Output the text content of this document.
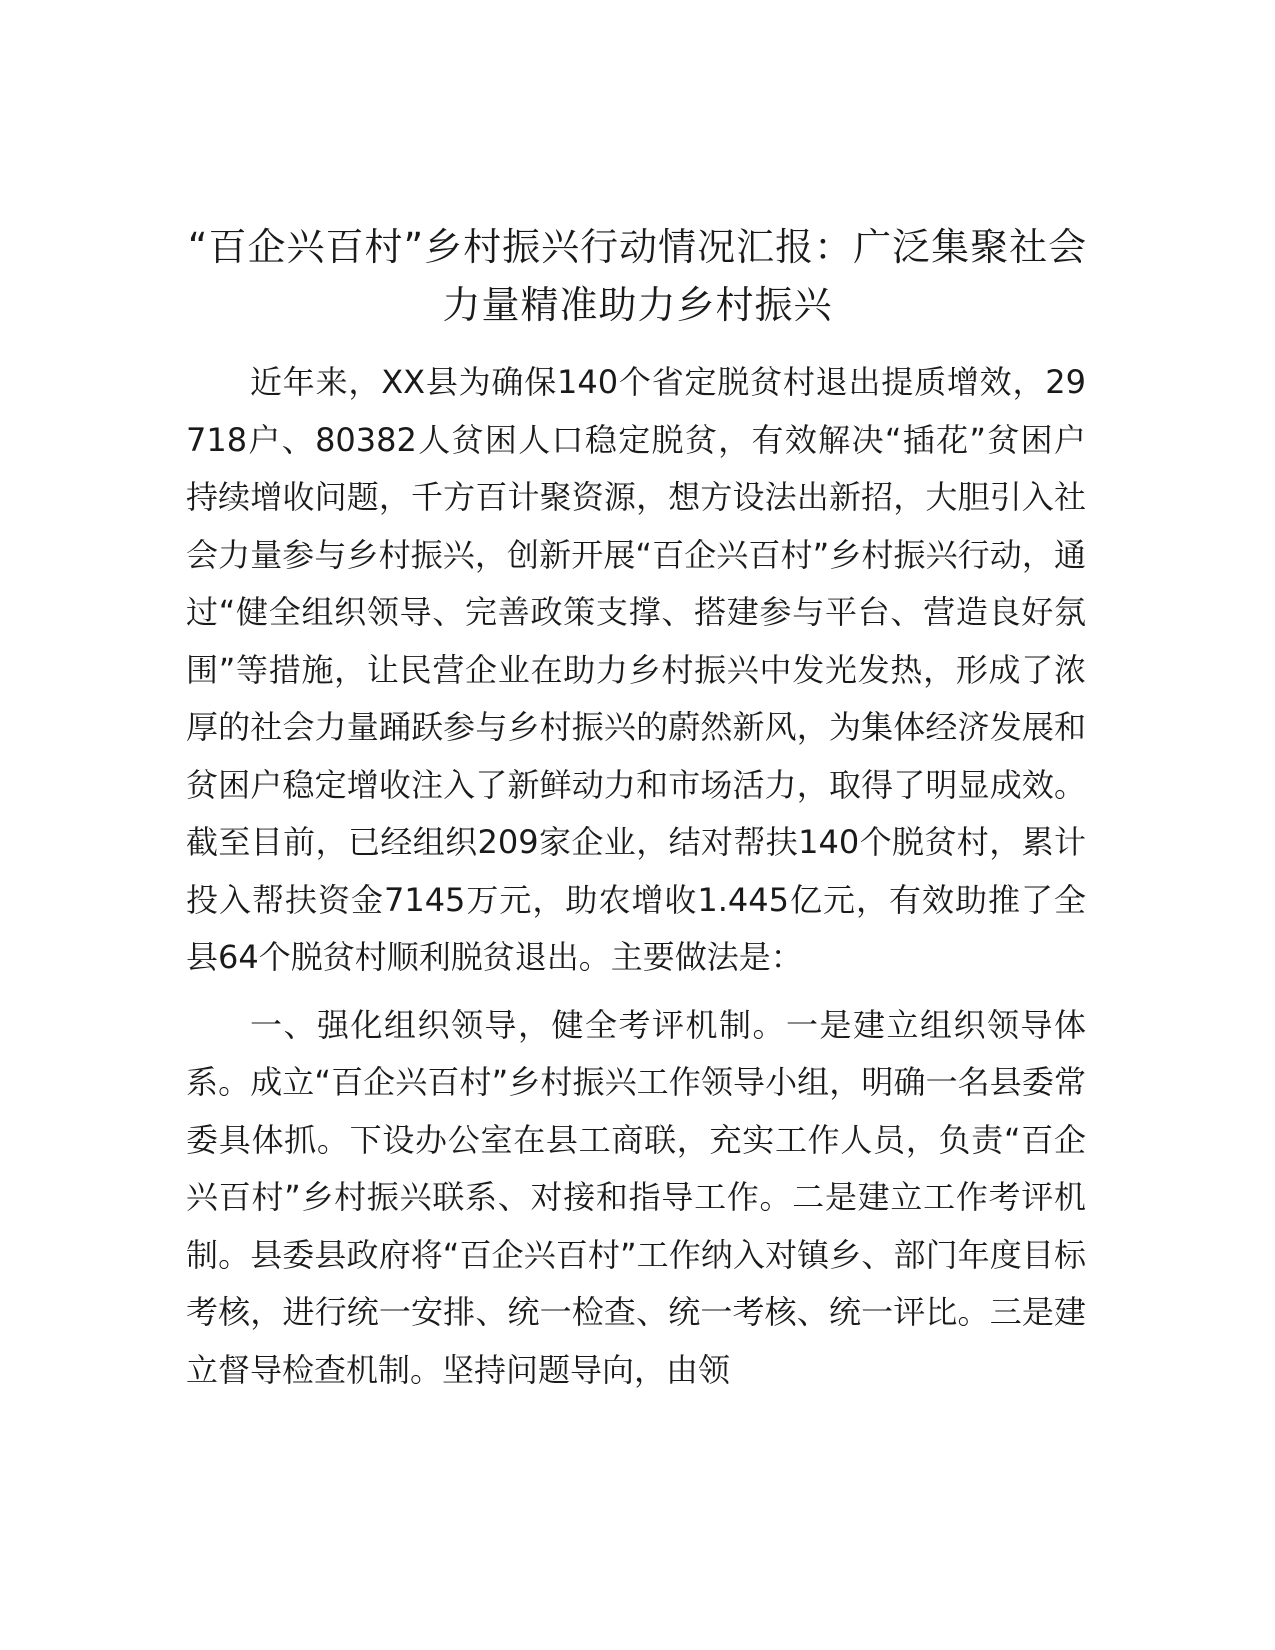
“百企兴百村”乡村振兴行动情况汇报：广泛集聚社会力量精准助力乡村振兴

近年来，XX县为确保140个省定脱贫村退出提质增效，29718户、80382人贫困人口稳定脱贫，有效解决“插花”贫困户持续增收问题，千方百计聚资源，想方设法出新招，大胆引入社会力量参与乡村振兴，创新开展“百企兴百村”乡村振兴行动，通过“健全组织领导、完善政策支撑、搭建参与平台、营造良好氛围”等措施，让民营企业在助力乡村振兴中发光发热，形成了浓厚的社会力量踊跃参与乡村振兴的蔚然新风，为集体经济发展和贫困户稳定增收注入了新鲜动力和市场活力，取得了明显成效。截至目前，已经组织209家企业，结对帮扶140个脱贫村，累计投入帮扶资金7145万元，助农增收1.445亿元，有效助推了全县64个脱贫村顺利脱贫退出。主要做法是：

一、强化组织领导，健全考评机制。一是建立组织领导体系。成立“百企兴百村”乡村振兴工作领导小组，明确一名县委常委具体抓。下设办公室在县工商联，充实工作人员，负责“百企兴百村”乡村振兴联系、对接和指导工作。二是建立工作考评机制。县委县政府将“百企兴百村”工作纳入对镇乡、部门年度目标考核，进行统一安排、统一检查、统一考核、统一评比。三是建立督导检查机制。坚持问题导向，由领
